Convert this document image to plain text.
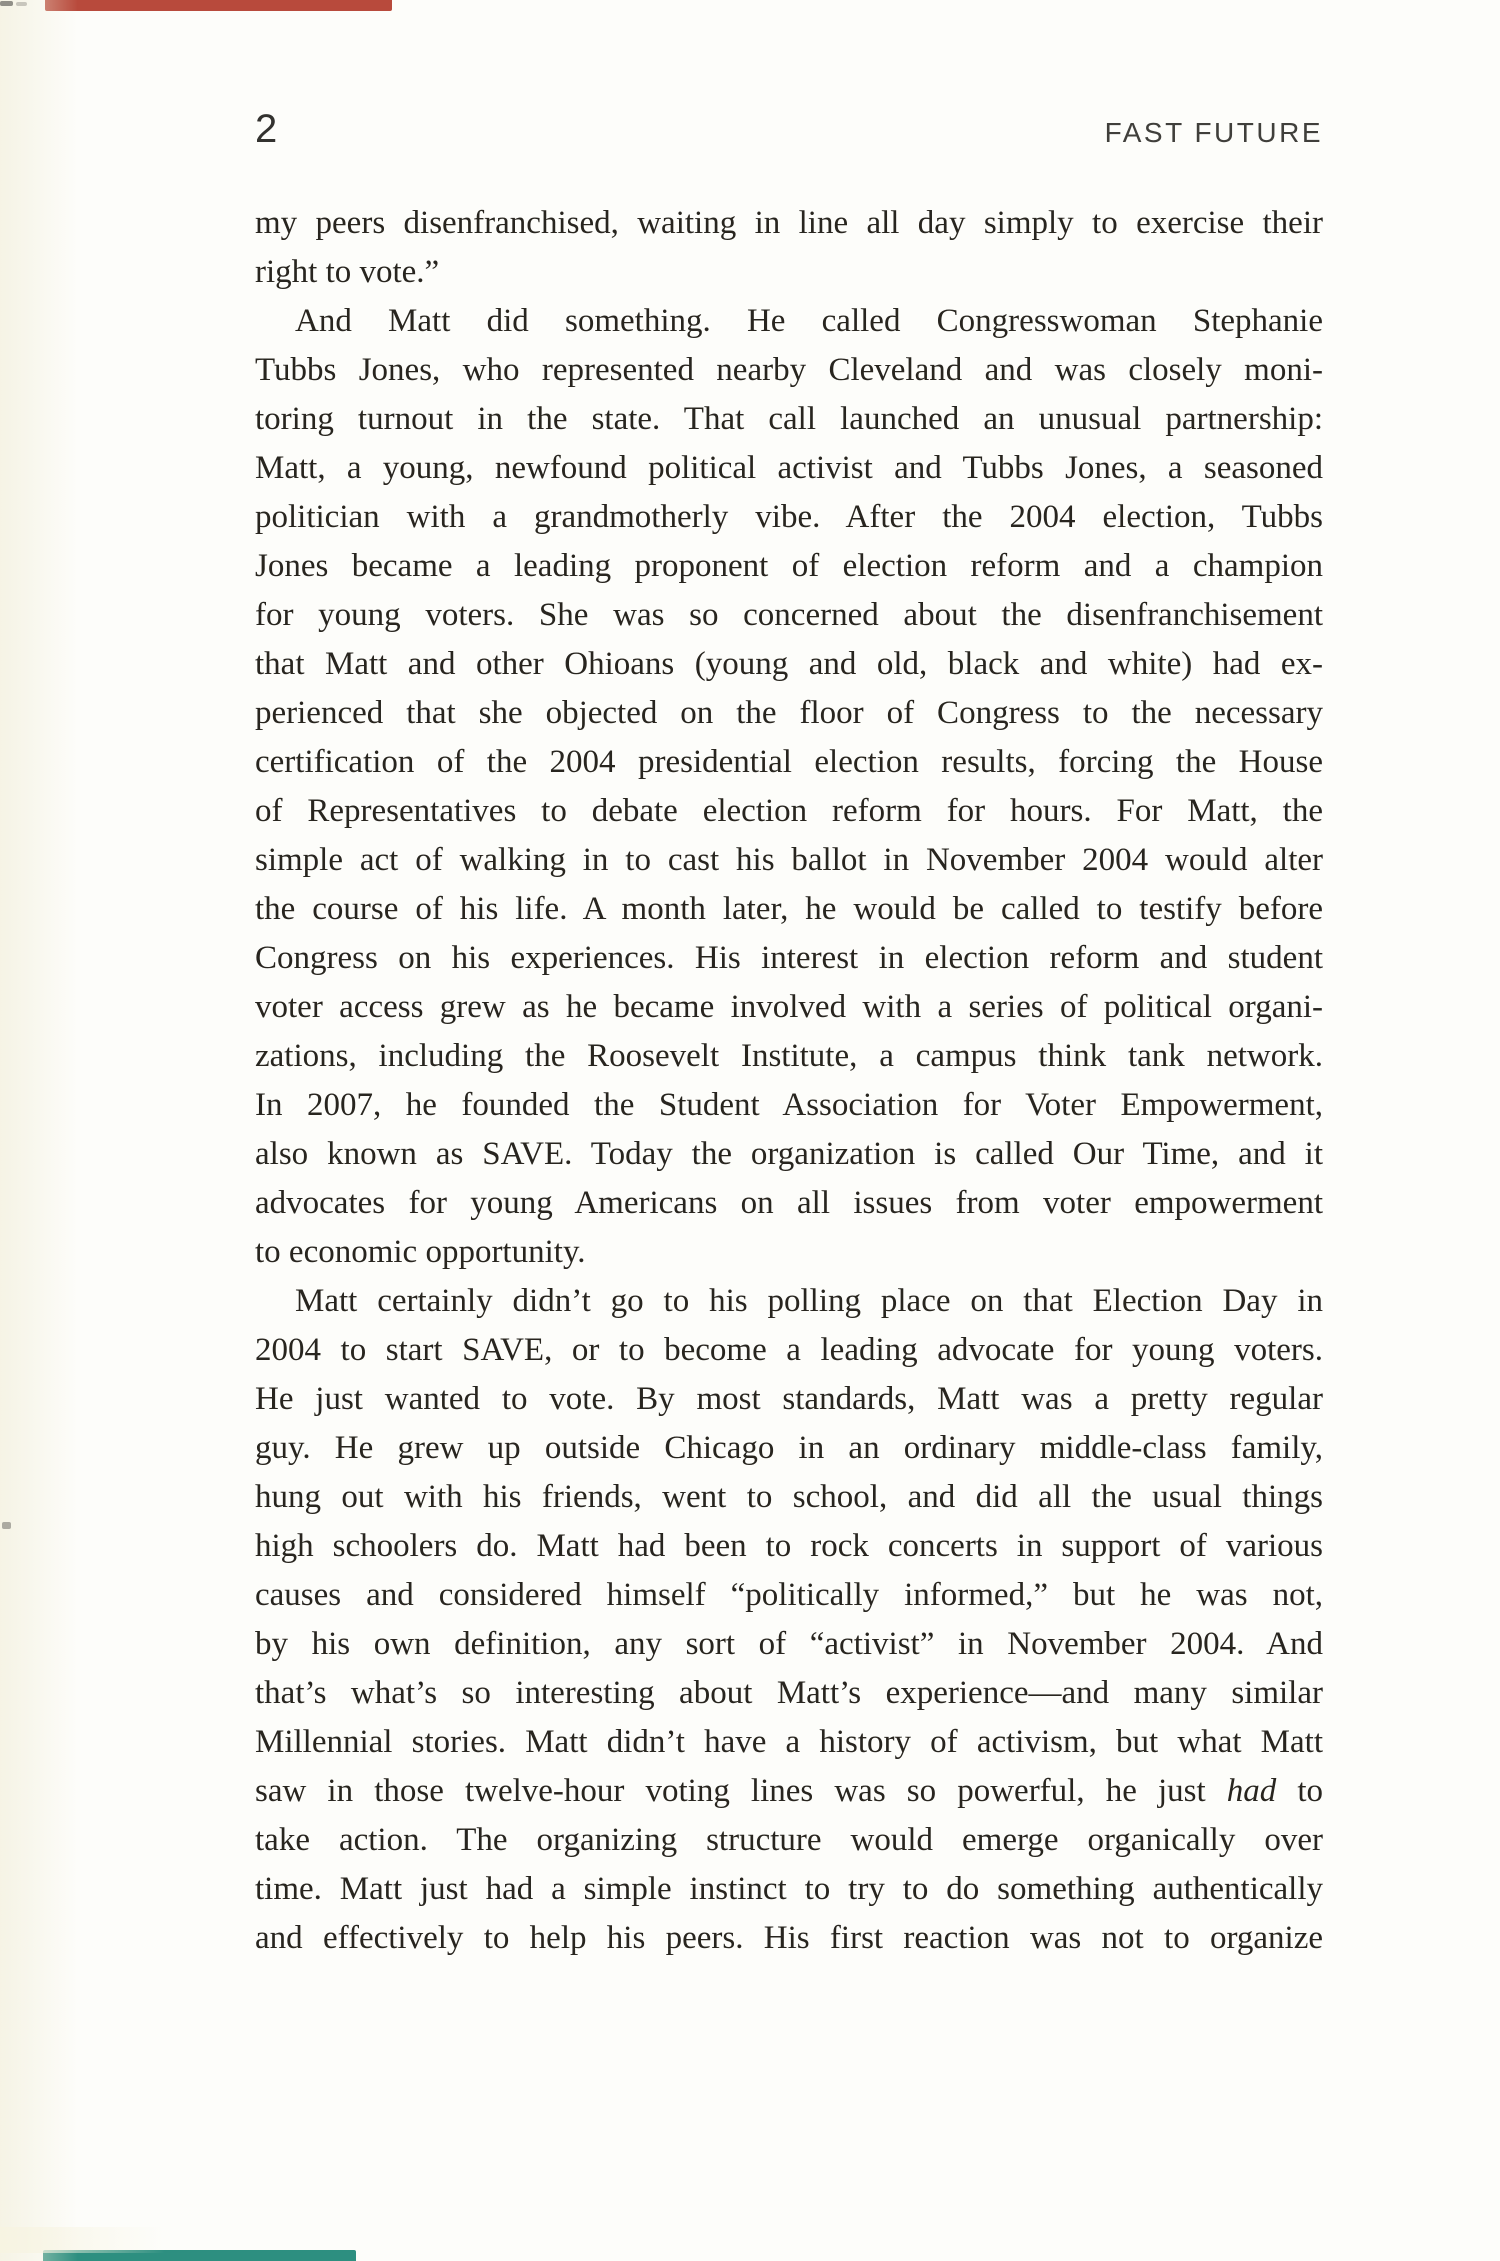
2	FAST FUTURE
my peers disenfranchised, waiting in line all day simply to exercise their
right to vote.”
And Matt did something. He called Congresswoman Stephanie
Tubbs Jones, who represented nearby Cleveland and was closely moni-
toring turnout in the state. That call launched an unusual partnership:
Matt, a young, newfound political activist and Tubbs Jones, a seasoned
politician with a grandmotherly vibe. After the 2004 election, Tubbs
Jones became a leading proponent of election reform and a champion
for young voters. She was so concerned about the disenfranchisement
that Matt and other Ohioans (young and old, black and white) had ex-
perienced that she objected on the floor of Congress to the necessary
certification of the 2004 presidential election results, forcing the House
of Representatives to debate election reform for hours. For Matt, the
simple act of walking in to cast his ballot in November 2004 would alter
the course of his life. A month later, he would be called to testify before
Congress on his experiences. His interest in election reform and student
voter access grew as he became involved with a series of political organi-
zations, including the Roosevelt Institute, a campus think tank network.
In 2007, he founded the Student Association for Voter Empowerment,
also known as SAVE. Today the organization is called Our Time, and it
advocates for young Americans on all issues from voter empowerment
to economic opportunity.
Matt certainly didn’t go to his polling place on that Election Day in
2004 to start SAVE, or to become a leading advocate for young voters.
He just wanted to vote. By most standards, Matt was a pretty regular
guy. He grew up outside Chicago in an ordinary middle-class family,
hung out with his friends, went to school, and did all the usual things
high schoolers do. Matt had been to rock concerts in support of various
causes and considered himself “politically informed,” but he was not,
by his own definition, any sort of “activist” in November 2004. And
that’s what’s so interesting about Matt’s experience—and many similar
Millennial stories. Matt didn’t have a history of activism, but what Matt
saw in those twelve-hour voting lines was so powerful, he just had to
take action. The organizing structure would emerge organically over
time. Matt just had a simple instinct to try to do something authentically
and effectively to help his peers. His first reaction was not to organize
